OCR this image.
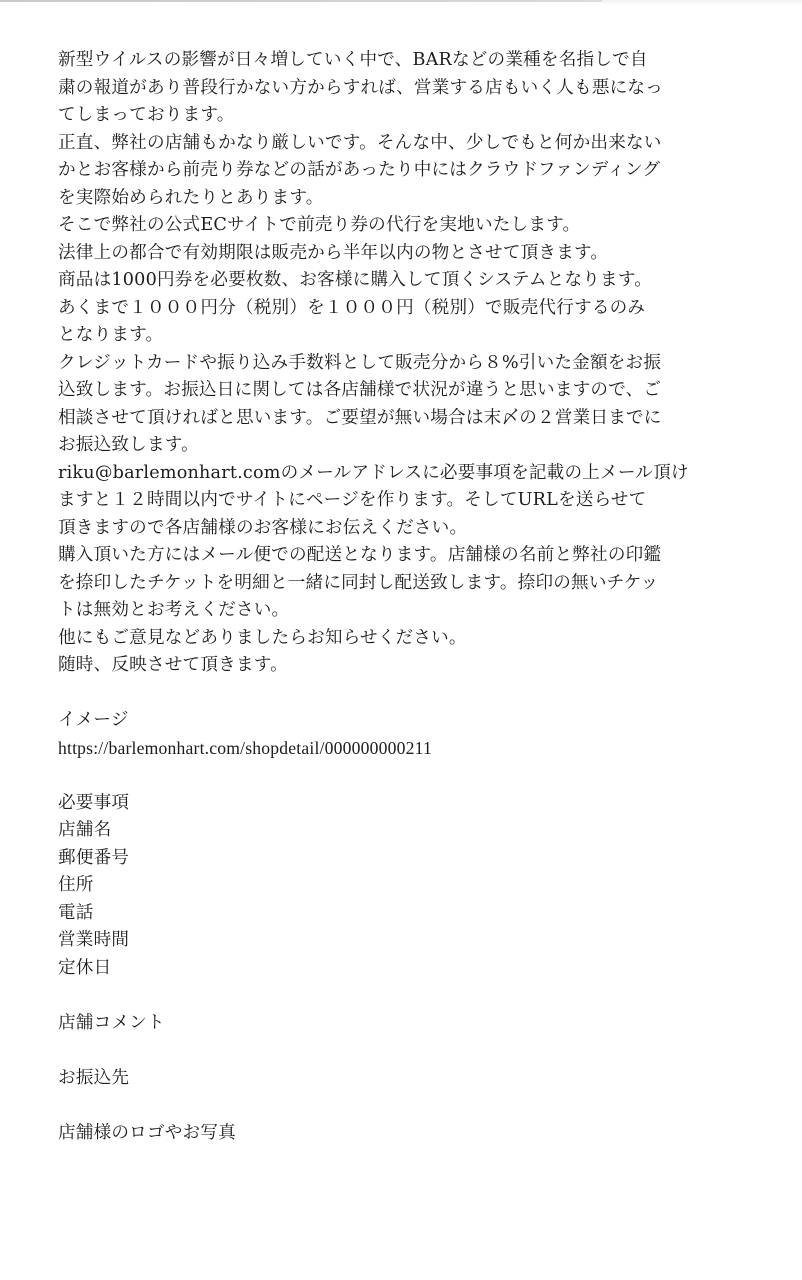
新型ウイルスの影響が日々増していく中で、BARなどの業種を名指しで自
粛の報道があり普段行かない方からすれば、営業する店もいく人も悪になっ
てしまっております。
正直、弊社の店舗もかなり厳しいです。そんな中、少しでもと何か出来ない
かとお客様から前売り券などの話があったり中にはクラウドファンディング
を実際始められたりとあります。
そこで弊社の公式ECサイトで前売り券の代行を実地いたします。
法律上の都合で有効期限は販売から半年以内の物とさせて頂きます。
商品は1000円券を必要枚数、お客様に購入して頂くシステムとなります。
あくまで１０００円分（税別）を１０００円（税別）で販売代行するのみ
となります。
クレジットカードや振り込み手数料として販売分から８%引いた金額をお振
込致します。お振込日に関しては各店舗様で状況が違うと思いますので、ご
相談させて頂ければと思います。ご要望が無い場合は末〆の２営業日までに
お振込致します。
riku@barlemonhart.comのメールアドレスに必要事項を記載の上メール頂け
ますと１２時間以内でサイトにページを作ります。そしてURLを送らせて
頂きますので各店舗様のお客様にお伝えください。
購入頂いた方にはメール便での配送となります。店舗様の名前と弊社の印鑑
を捺印したチケットを明細と一緒に同封し配送致します。捺印の無いチケッ
トは無効とお考えください。
他にもご意見などありましたらお知らせください。
随時、反映させて頂きます。
イメージ
https://barlemonhart.com/shopdetail/000000000211
必要事項
店舗名
郵便番号
住所
電話
営業時間
定休日
店舗コメント
お振込先
店舗様のロゴやお写真
